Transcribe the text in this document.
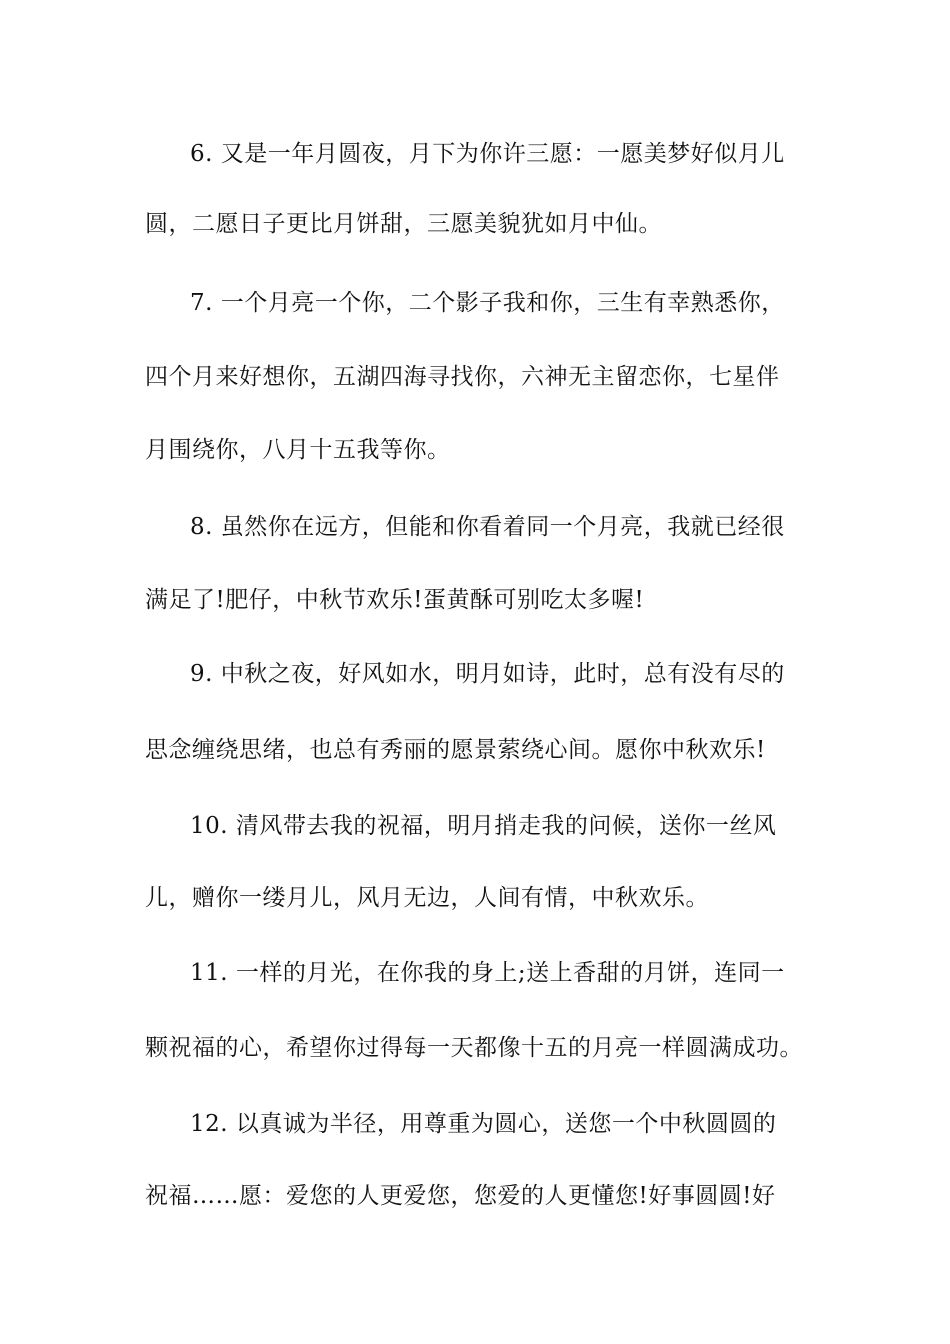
6. 又是一年月圆夜，月下为你许三愿：一愿美梦好似月儿
圆，二愿日子更比月饼甜，三愿美貌犹如月中仙。
7. 一个月亮一个你，二个影子我和你，三生有幸熟悉你，
四个月来好想你，五湖四海寻找你，六神无主留恋你，七星伴
月围绕你，八月十五我等你。
8. 虽然你在远方，但能和你看着同一个月亮，我就已经很
满足了!肥仔，中秋节欢乐!蛋黄酥可别吃太多喔!
9. 中秋之夜，好风如水，明月如诗，此时，总有没有尽的
思念缠绕思绪，也总有秀丽的愿景萦绕心间。愿你中秋欢乐!
10. 清风带去我的祝福，明月捎走我的问候，送你一丝风
儿，赠你一缕月儿，风月无边，人间有情，中秋欢乐。
11. 一样的月光，在你我的身上;送上香甜的月饼，连同一
颗祝福的心，希望你过得每一天都像十五的月亮一样圆满成功。
12. 以真诚为半径，用尊重为圆心，送您一个中秋圆圆的
祝福……愿：爱您的人更爱您，您爱的人更懂您!好事圆圆!好
